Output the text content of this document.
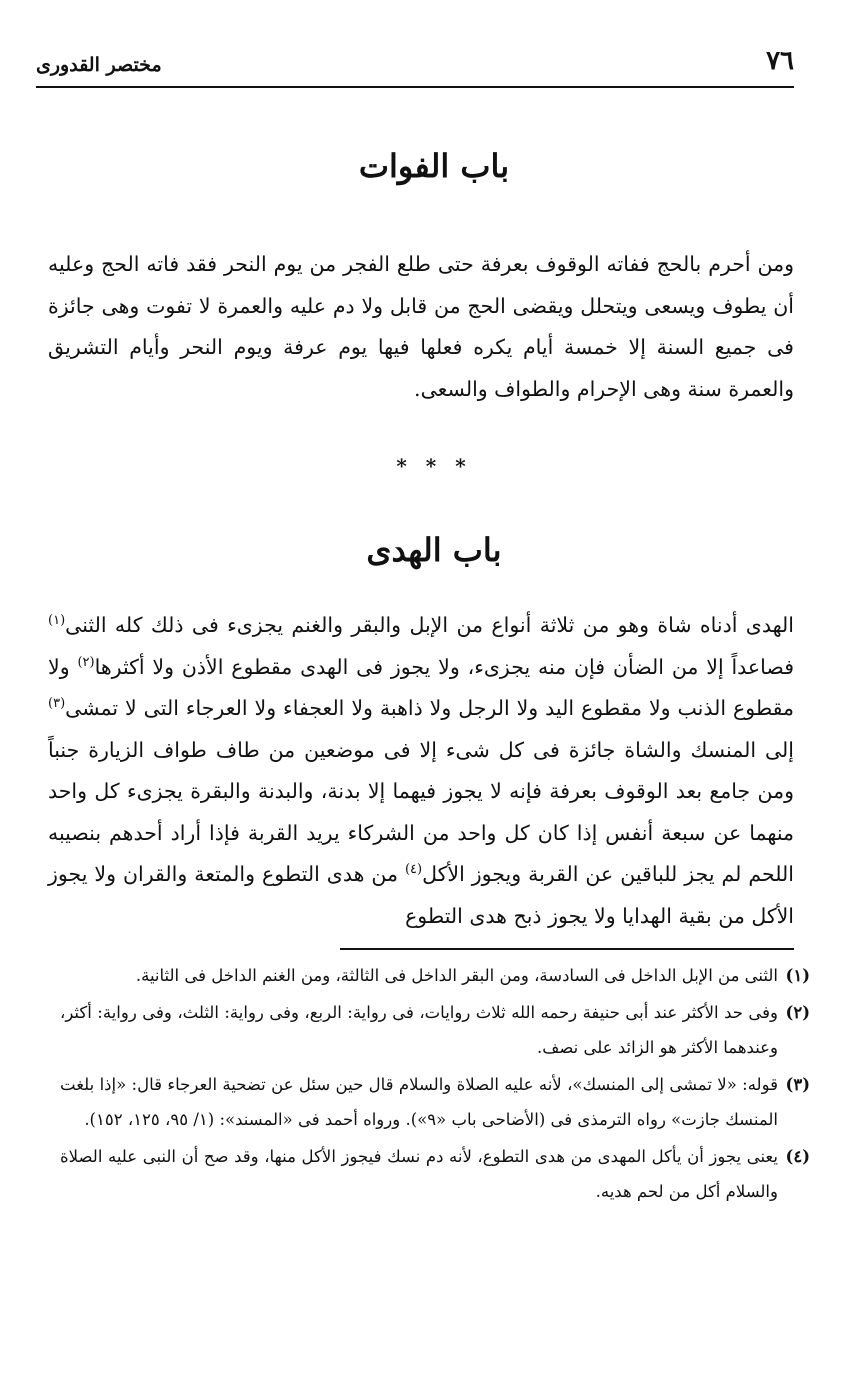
٧٦
مختصر القدورى
باب الفوات
ومن أحرم بالحج ففاته الوقوف بعرفة حتى طلع الفجر من يوم النحر فقد فاته الحج وعليه أن يطوف ويسعى ويتحلل ويقضى الحج من قابل ولا دم عليه والعمرة لا تفوت وهى جائزة فى جميع السنة إلا خمسة أيام يكره فعلها فيها يوم عرفة ويوم النحر وأيام التشريق والعمرة سنة وهى الإحرام والطواف والسعى.
* * *
باب الهدى
الهدى أدناه شاة وهو من ثلاثة أنواع من الإبل والبقر والغنم يجزىء فى ذلك كله الثنى$^{(١)}$ فصاعداً إلا من الضأن فإن منه يجزىء، ولا يجوز فى الهدى مقطوع الأذن ولا أكثرها$^{(٢)}$ ولا مقطوع الذنب ولا مقطوع اليد ولا الرجل ولا ذاهبة ولا العجفاء ولا العرجاء التى لا تمشى$^{(٣)}$ إلى المنسك والشاة جائزة فى كل شىء إلا فى موضعين من طاف طواف الزيارة جنباً ومن جامع بعد الوقوف بعرفة فإنه لا يجوز فيهما إلا بدنة، والبدنة والبقرة يجزىء كل واحد منهما عن سبعة أنفس إذا كان كل واحد من الشركاء يريد القربة فإذا أراد أحدهم بنصيبه اللحم لم يجز للباقين عن القربة ويجوز الأكل$^{(٤)}$ من هدى التطوع والمتعة والقران ولا يجوز الأكل من بقية الهدايا ولا يجوز ذبح هدى التطوع
(١)
الثنى من الإبل الداخل فى السادسة، ومن البقر الداخل فى الثالثة، ومن الغنم الداخل فى الثانية.
(٢)
وفى حد الأكثر عند أبى حنيفة رحمه الله ثلاث روايات، فى رواية: الربع، وفى رواية: الثلث، وفى رواية: أكثر، وعندهما الأكثر هو الزائد على نصف.
(٣)
قوله: «لا تمشى إلى المنسك»، لأنه عليه الصلاة والسلام قال حين سئل عن تضحية العرجاء قال: «إذا بلغت المنسك جازت» رواه الترمذى فى (الأضاحى باب «٩»). ورواه أحمد فى «المسند»: (١/ ٩٥، ١٢٥، ١٥٢).
(٤)
يعنى يجوز أن يأكل المهدى من هدى التطوع، لأنه دم نسك فيجوز الأكل منها، وقد صح أن النبى عليه الصلاة والسلام أكل من لحم هديه.
